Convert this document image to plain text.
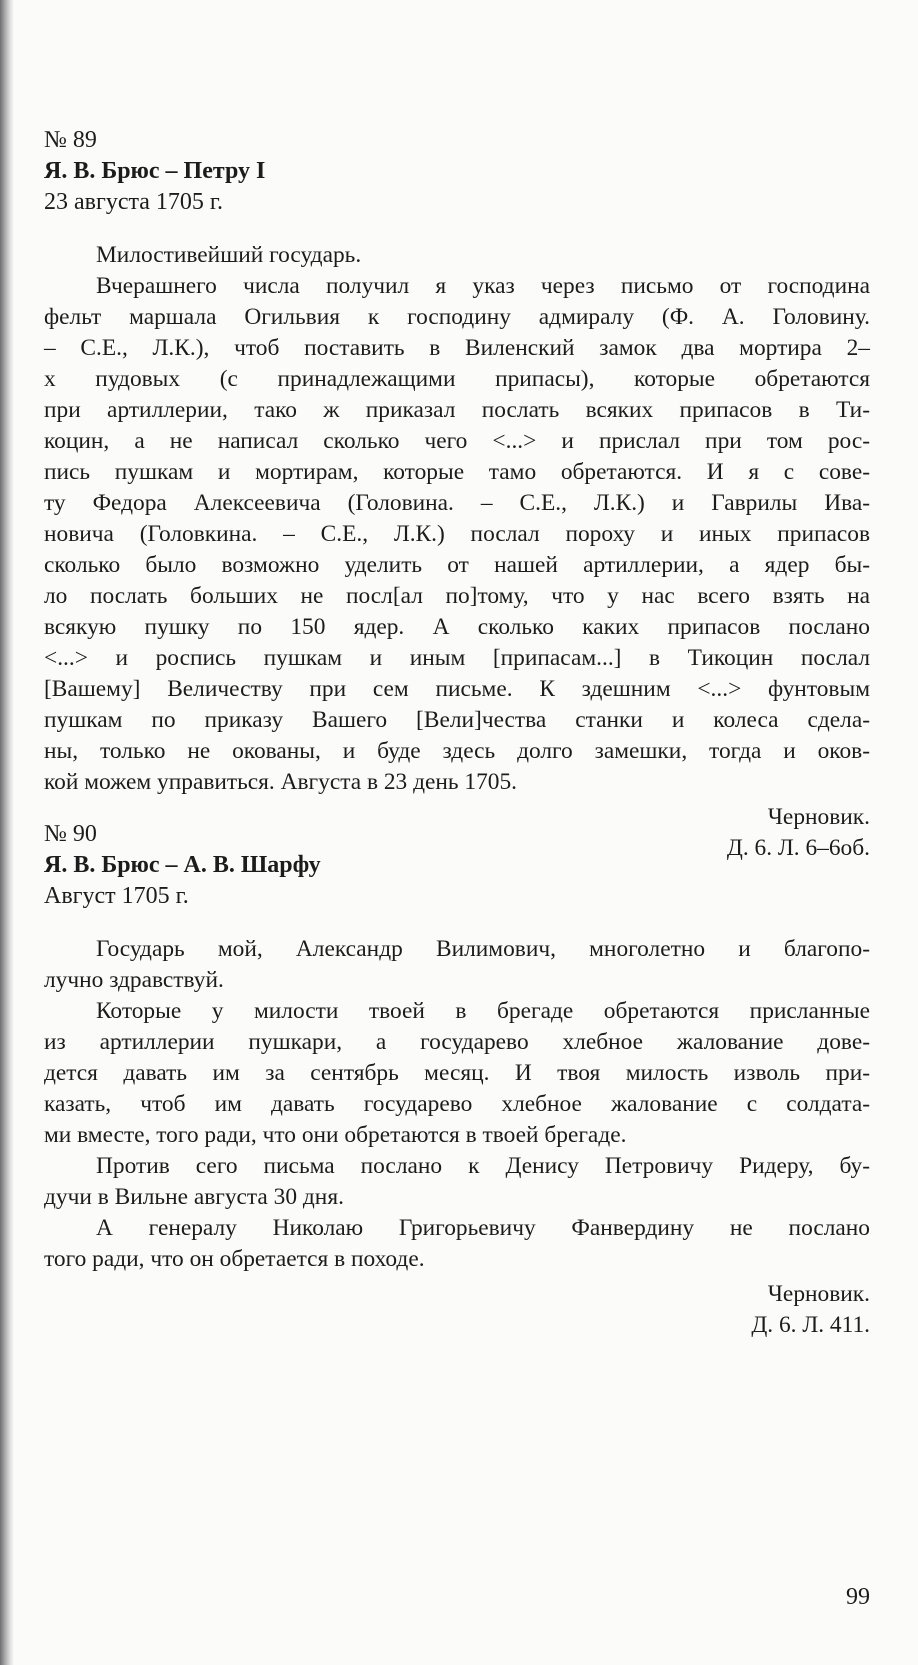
№ 89
Я. В. Брюс – Петру I
23 августа 1705 г.
Милостивейший государь.
Вчерашнего числа получил я указ через письмо от господина
фельт маршала Огильвия к господину адмиралу (Ф. А. Головину.
– С.Е., Л.К.), чтоб поставить в Виленский замок два мортира 2–
х пудовых (с принадлежащими припасы), которые обретаются
при артиллерии, тако ж приказал послать всяких припасов в Ти-
коцин, а не написал сколько чего <...> и прислал при том рос-
пись пушкам и мортирам, которые тамо обретаются. И я с сове-
ту Федора Алексеевича (Головина. – С.Е., Л.К.) и Гаврилы Ива-
новича (Головкина. – С.Е., Л.К.) послал пороху и иных припасов
сколько было возможно уделить от нашей артиллерии, а ядер бы-
ло послать больших не посл[ал по]тому, что у нас всего взять на
всякую пушку по 150 ядер. А сколько каких припасов послано
<...> и роспись пушкам и иным [припасам...] в Тикоцин послал
[Вашему] Величеству при сем письме. К здешним <...> фунтовым
пушкам по приказу Вашего [Вели]чества станки и колеса сдела-
ны, только не окованы, и буде здесь долго замешки, тогда и оков-
кой можем управиться. Августа в 23 день 1705.
Черновик.
Д. 6. Л. 6–6об.
№ 90
Я. В. Брюс – А. В. Шарфу
Август 1705 г.
Государь мой, Александр Вилимович, многолетно и благопо-
лучно здравствуй.
Которые у милости твоей в брегаде обретаются присланные
из артиллерии пушкари, а государево хлебное жалование дове-
дется давать им за сентябрь месяц. И твоя милость изволь при-
казать, чтоб им давать государево хлебное жалование с солдата-
ми вместе, того ради, что они обретаются в твоей брегаде.
Против сего письма послано к Денису Петровичу Ридеру, бу-
дучи в Вильне августа 30 дня.
А генералу Николаю Григорьевичу Фанвердину не послано
того ради, что он обретается в походе.
Черновик.
Д. 6. Л. 411.
99
